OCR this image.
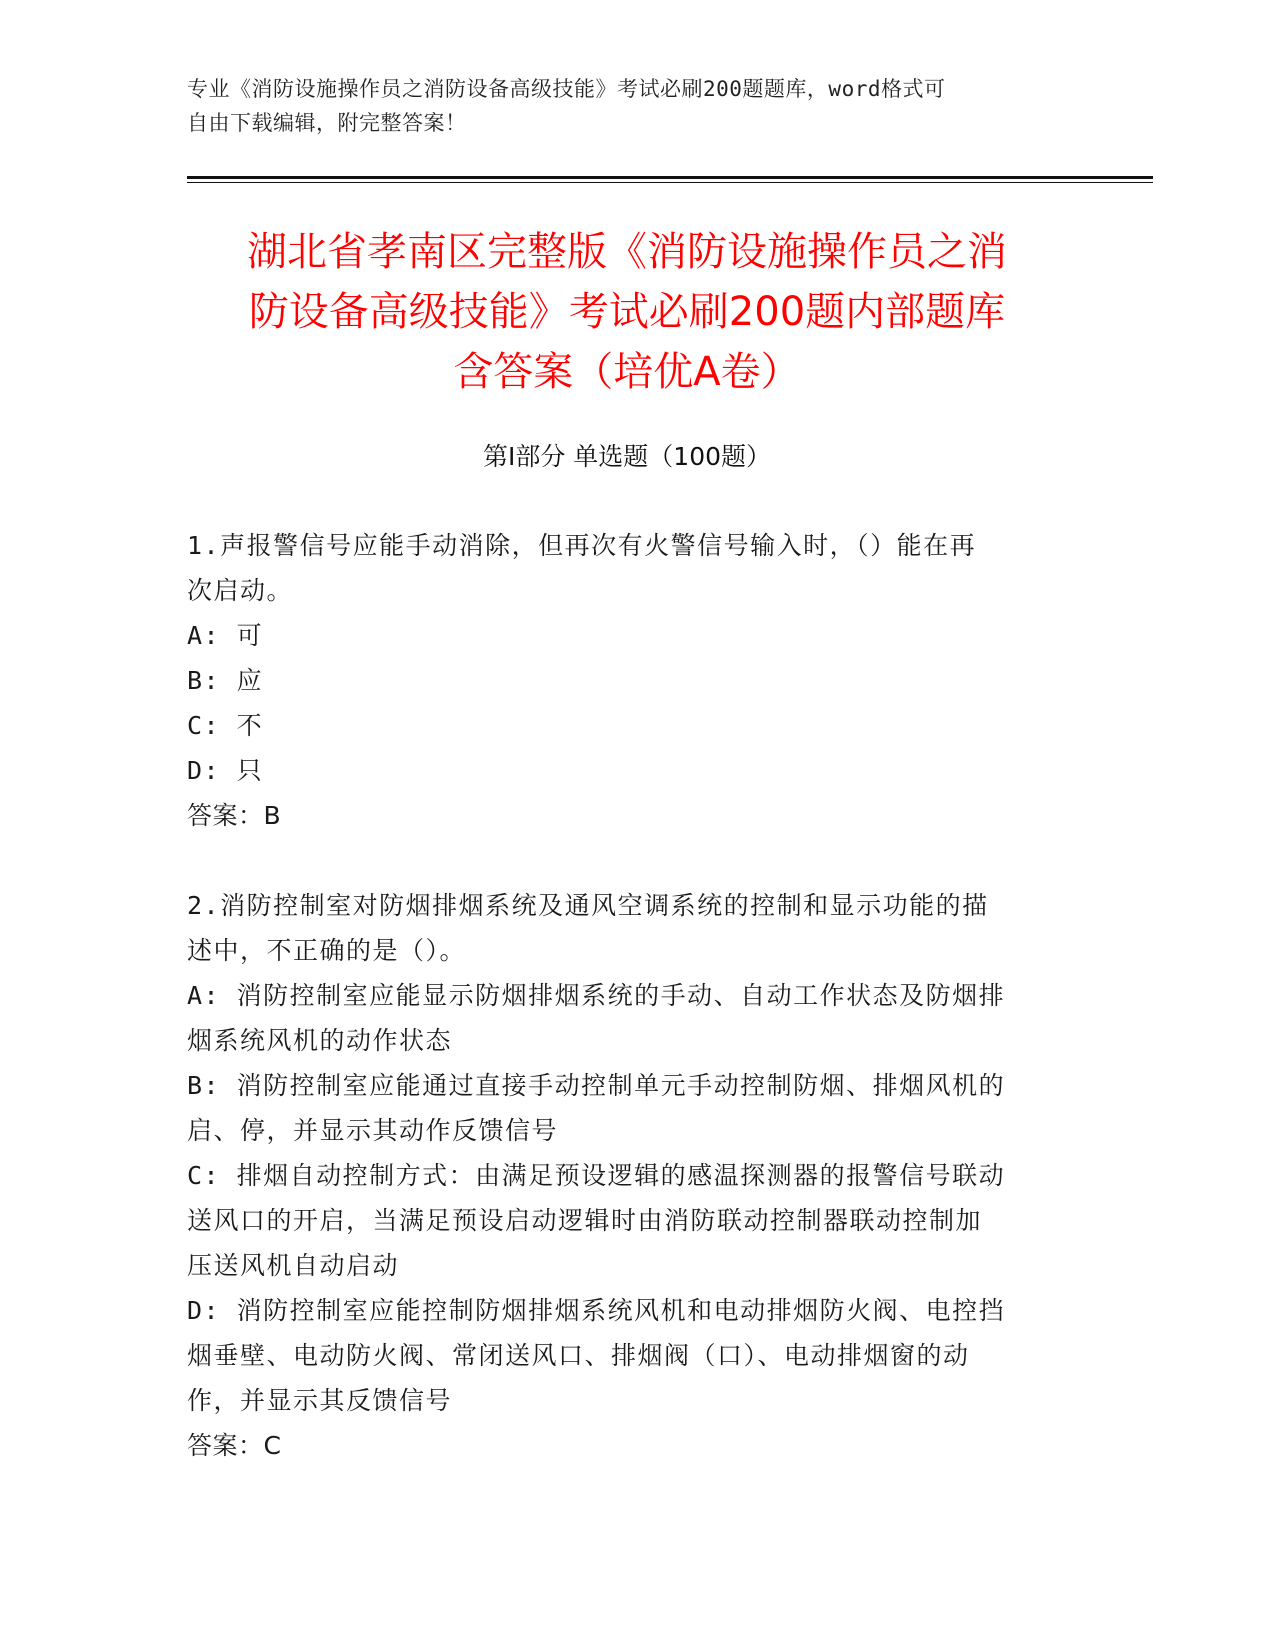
专业《消防设施操作员之消防设备高级技能》考试必刷200题题库，word格式可
自由下载编辑，附完整答案！
湖北省孝南区完整版《消防设施操作员之消
防设备高级技能》考试必刷200题内部题库
含答案（培优A卷）
第Ⅰ部分 单选题（100题）
1.声报警信号应能手动消除，但再次有火警信号输入时，（）能在再
次启动。
A: 可
B: 应
C: 不
D: 只
答案：B
2.消防控制室对防烟排烟系统及通风空调系统的控制和显示功能的描
述中，不正确的是（）。
A: 消防控制室应能显示防烟排烟系统的手动、自动工作状态及防烟排
烟系统风机的动作状态
B: 消防控制室应能通过直接手动控制单元手动控制防烟、排烟风机的
启、停，并显示其动作反馈信号
C: 排烟自动控制方式：由满足预设逻辑的感温探测器的报警信号联动
送风口的开启，当满足预设启动逻辑时由消防联动控制器联动控制加
压送风机自动启动
D: 消防控制室应能控制防烟排烟系统风机和电动排烟防火阀、电控挡
烟垂壁、电动防火阀、常闭送风口、排烟阀（口）、电动排烟窗的动
作，并显示其反馈信号
答案：C
